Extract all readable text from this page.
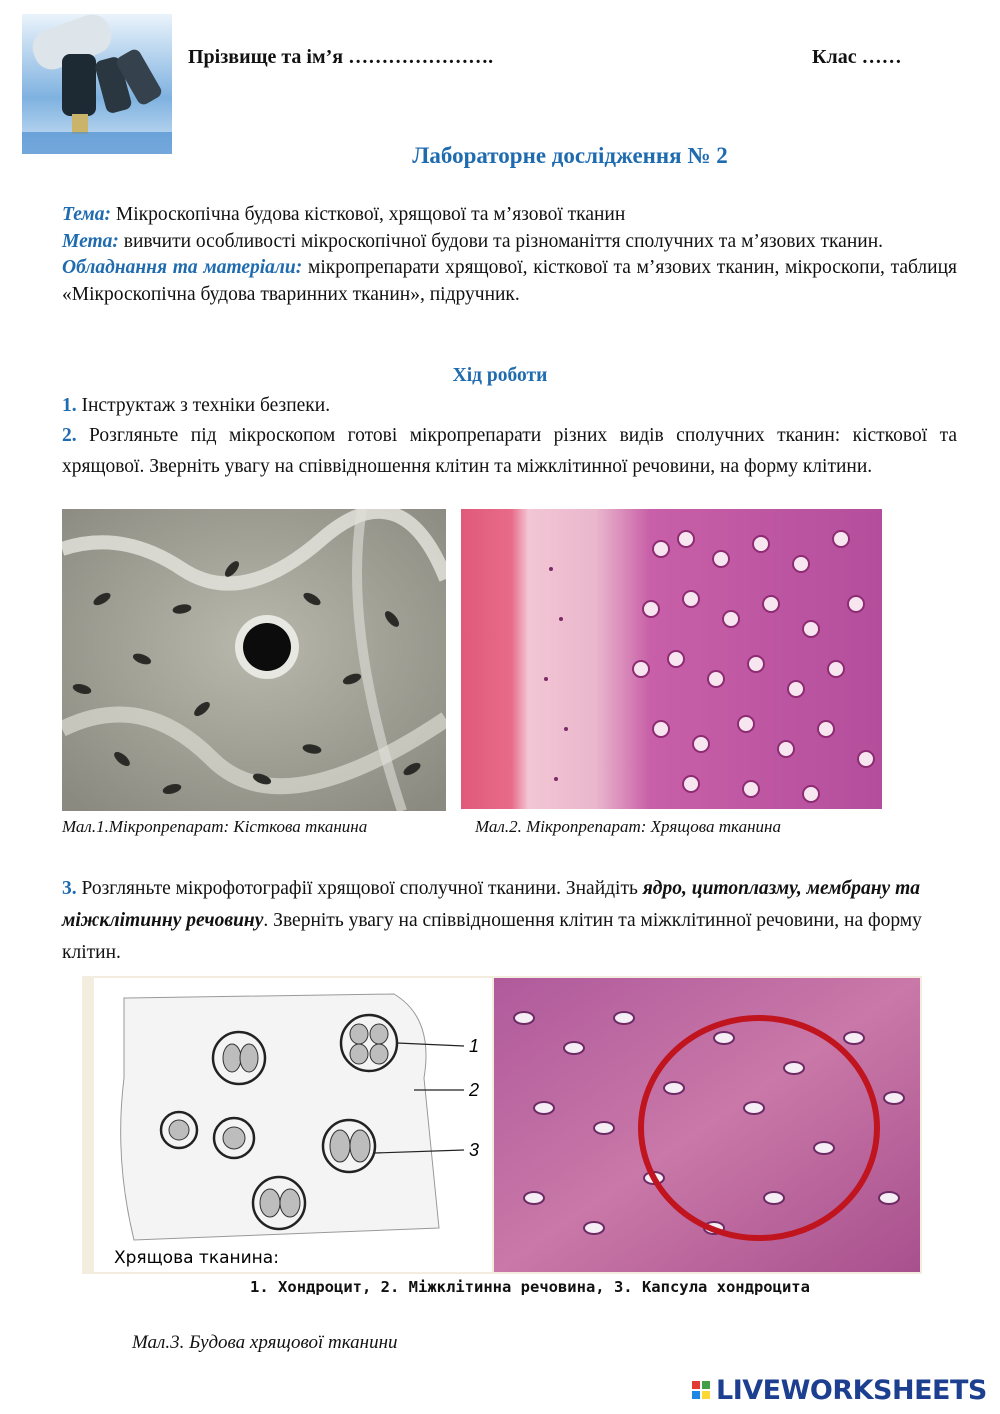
Прізвище та ім’я ………………….	Клас ……
Лабораторне дослідження № 2
Тема: Мікроскопічна будова кісткової, хрящової та м’язової тканин
Мета: вивчити особливості мікроскопічної будови та різноманіття сполучних та м’язових тканин.
Обладнання та матеріали: мікропрепарати хрящової, кісткової та м’язових тканин, мікроскопи, таблиця «Мікроскопічна будова тваринних тканин», підручник.
Хід роботи
1. Інструктаж з техніки безпеки.
2. Розгляньте під мікроскопом готові мікропрепарати різних видів сполучних тканин: кісткової та хрящової. Зверніть увагу на співвідношення клітин та міжклітинної речовини, на форму клітини.
Мал.1.Мікропрепарат: Кісткова тканина	Мал.2. Мікропрепарат: Хрящова тканина
3. Розгляньте мікрофотографії хрящової сполучної тканини. Знайдіть ядро, цитоплазму, мембрану та міжклітинну речовину. Зверніть увагу на співвідношення клітин та міжклітинної речовини, на форму клітин.
1
2
3
Хрящова тканина:
1. Хондроцит, 2. Міжклітинна речовина, 3. Капсула хондроцита
Мал.3. Будова хрящової тканини
LIVEWORKSHEETS
